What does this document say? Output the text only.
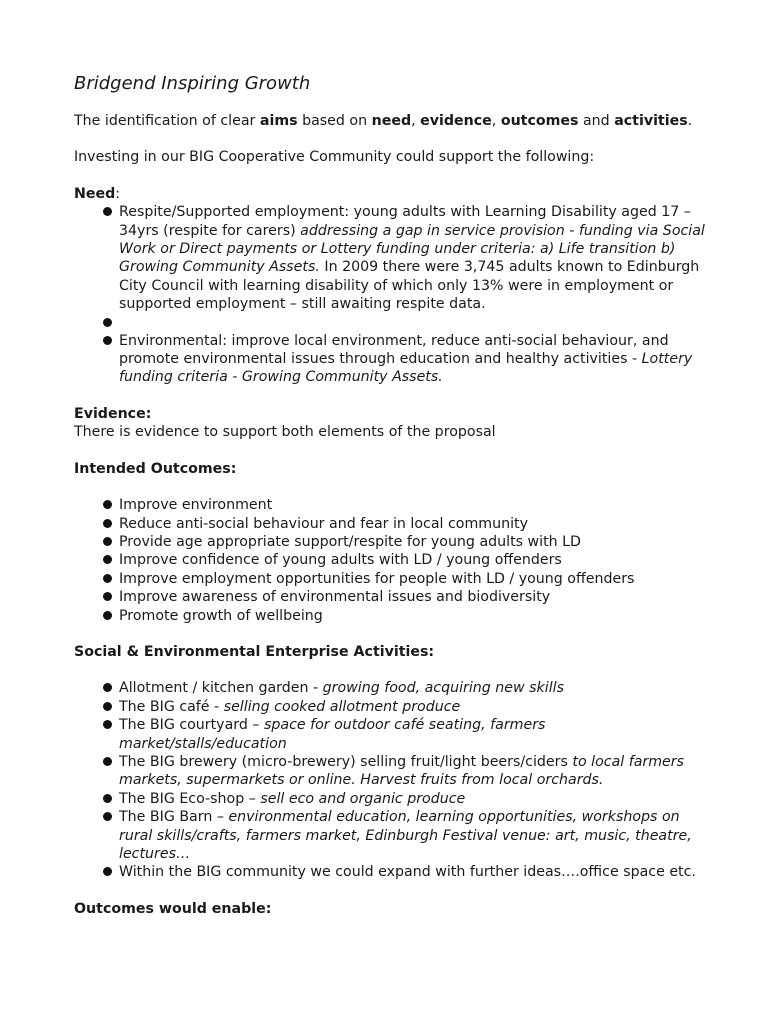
Bridgend Inspiring Growth

The identification of clear aims based on need, evidence, outcomes and activities.

Investing in our BIG Cooperative Community could support the following:

Need:

Respite/Supported employment: young adults with Learning Disability aged 17 – 34yrs (respite for carers) addressing a gap in service provision - funding via Social Work or Direct payments or Lottery funding under criteria: a) Life transition b) Growing Community Assets. In 2009 there were 3,745 adults known to Edinburgh City Council with learning disability of which only 13% were in employment or supported employment – still awaiting respite data.
Environmental: improve local environment, reduce anti-social behaviour, and promote environmental issues through education and healthy activities - Lottery funding criteria - Growing Community Assets.

Evidence:

There is evidence to support both elements of the proposal

Intended Outcomes:

Improve environment
Reduce anti-social behaviour and fear in local community
Provide age appropriate support/respite for young adults with LD
Improve confidence of young adults with LD / young offenders
Improve employment opportunities for people with LD / young offenders
Improve awareness of environmental issues and biodiversity
Promote growth of wellbeing

Social & Environmental Enterprise Activities:

Allotment / kitchen garden - growing food, acquiring new skills
The BIG café - selling cooked allotment produce
The BIG courtyard – space for outdoor café seating, farmers market/stalls/education
The BIG brewery (micro-brewery) selling fruit/light beers/ciders to local farmers markets, supermarkets or online. Harvest fruits from local orchards.
The BIG Eco-shop – sell eco and organic produce
The BIG Barn – environmental education, learning opportunities, workshops on rural skills/crafts, farmers market, Edinburgh Festival venue: art, music, theatre, lectures…
Within the BIG community we could expand with further ideas….office space etc.

Outcomes would enable:
